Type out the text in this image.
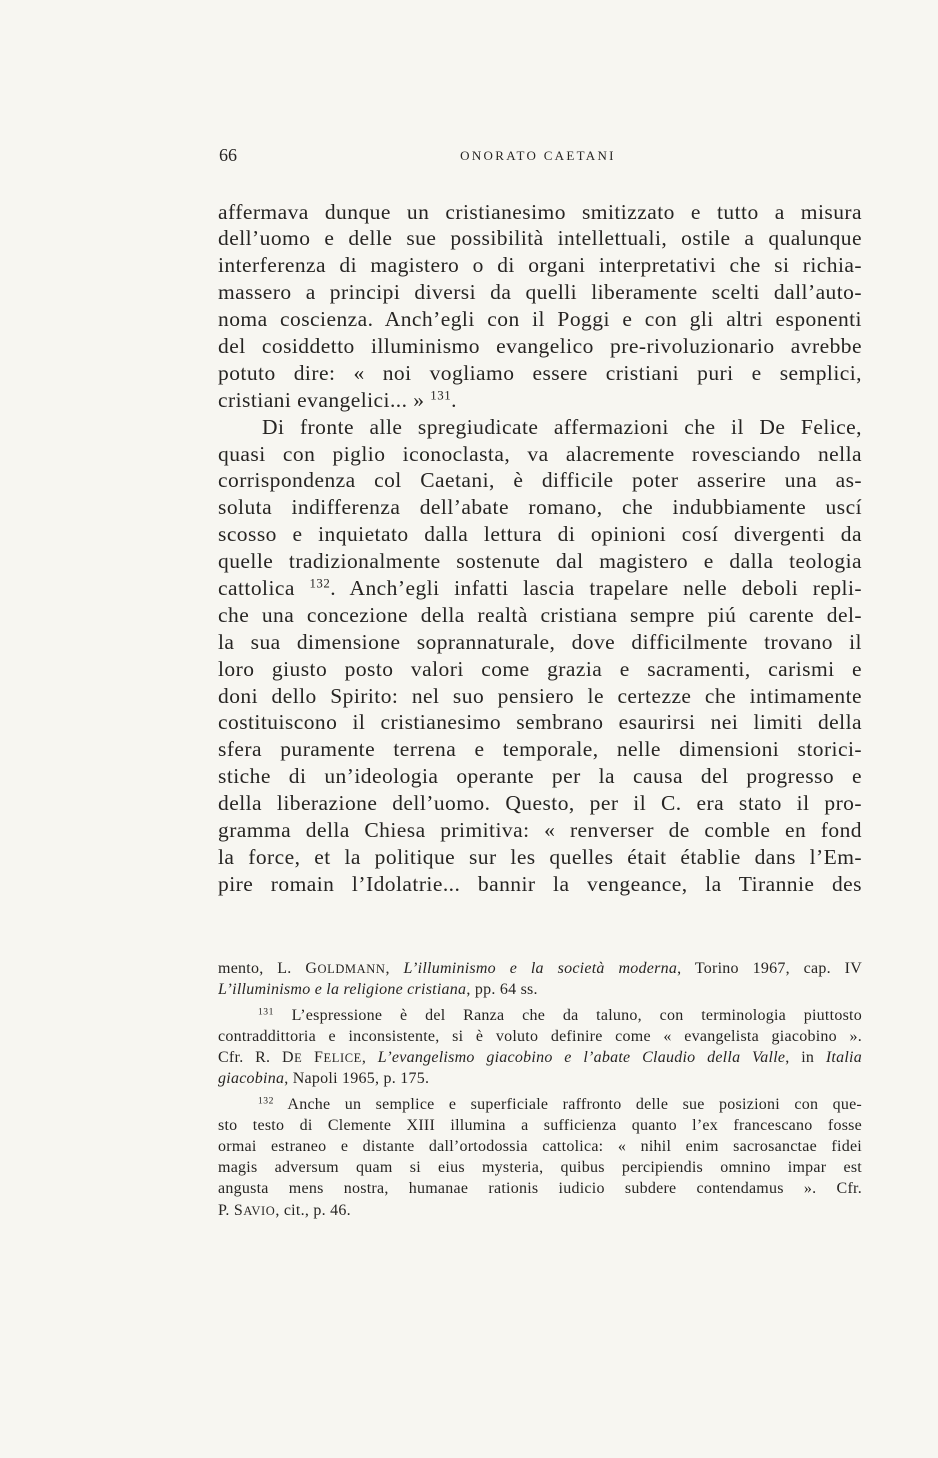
66	ONORATO CAETANI
affermava dunque un cristianesimo smitizzato e tutto a misura
dell’uomo e delle sue possibilità intellettuali, ostile a qualunque
interferenza di magistero o di organi interpretativi che si richia-
massero a principi diversi da quelli liberamente scelti dall’auto-
noma coscienza. Anch’egli con il Poggi e con gli altri esponenti
del cosiddetto illuminismo evangelico pre-rivoluzionario avrebbe
potuto dire: « noi vogliamo essere cristiani puri e semplici,
cristiani evangelici... » $^{131}$.
Di fronte alle spregiudicate affermazioni che il De Felice,
quasi con piglio iconoclasta, va alacremente rovesciando nella
corrispondenza col Caetani, è difficile poter asserire una as-
soluta indifferenza dell’abate romano, che indubbiamente uscí
scosso e inquietato dalla lettura di opinioni cosí divergenti da
quelle tradizionalmente sostenute dal magistero e dalla teologia
cattolica $^{132}$. Anch’egli infatti lascia trapelare nelle deboli repli-
che una concezione della realtà cristiana sempre piú carente del-
la sua dimensione soprannaturale, dove difficilmente trovano il
loro giusto posto valori come grazia e sacramenti, carismi e
doni dello Spirito: nel suo pensiero le certezze che intimamente
costituiscono il cristianesimo sembrano esaurirsi nei limiti della
sfera puramente terrena e temporale, nelle dimensioni storici-
stiche di un’ideologia operante per la causa del progresso e
della liberazione dell’uomo. Questo, per il C. era stato il pro-
gramma della Chiesa primitiva: « renverser de comble en fond
la force, et la politique sur les quelles était établie dans l’Em-
pire romain l’Idolatrie... bannir la vengeance, la Tirannie des
mento, L. GOLDMANN, L’illuminismo e la società moderna, Torino 1967, cap. IV
L’illuminismo e la religione cristiana, pp. 64 ss.
$^{131}$ L’espressione è del Ranza che da taluno, con terminologia piuttosto
contraddittoria e inconsistente, si è voluto definire come « evangelista giacobino ».
Cfr. R. DE FELICE, L’evangelismo giacobino e l’abate Claudio della Valle, in Italia
giacobina, Napoli 1965, p. 175.
$^{132}$ Anche un semplice e superficiale raffronto delle sue posizioni con que-
sto testo di Clemente XIII illumina a sufficienza quanto l’ex francescano fosse
ormai estraneo e distante dall’ortodossia cattolica: « nihil enim sacrosanctae fidei
magis adversum quam si eius mysteria, quibus percipiendis omnino impar est
angusta mens nostra, humanae rationis iudicio subdere contendamus ». Cfr.
P. SAVIO, cit., p. 46.
